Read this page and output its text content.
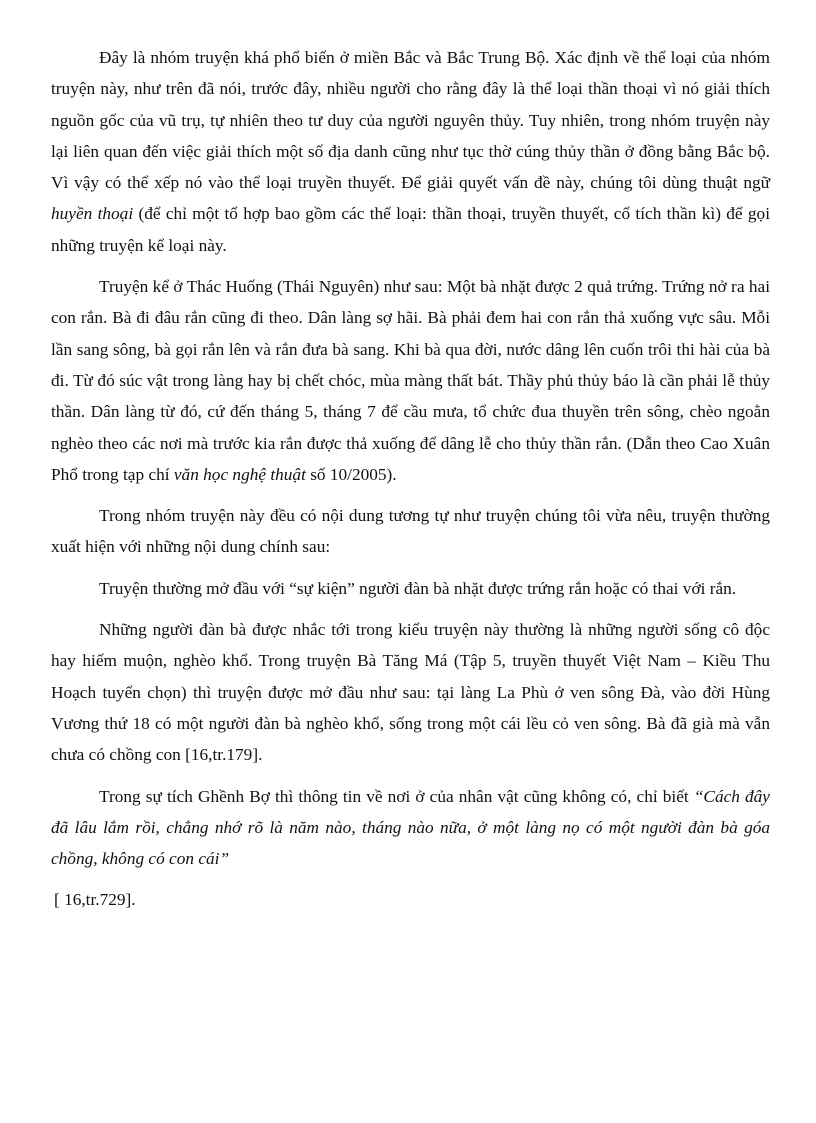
Đây là nhóm truyện khá phổ biến ở miền Bắc và Bắc Trung Bộ. Xác định về thể loại của nhóm truyện này, như trên đã nói, trước đây, nhiều người cho rằng đây là thể loại thần thoại vì nó giải thích nguồn gốc của vũ trụ, tự nhiên theo tư duy của người nguyên thủy. Tuy nhiên, trong nhóm truyện này lại liên quan đến việc giải thích một số địa danh cũng như tục thờ cúng thủy thần ở đồng bằng Bắc bộ. Vì vậy có thể xếp nó vào thể loại truyền thuyết. Để giải quyết vấn đề này, chúng tôi dùng thuật ngữ huyền thoại (để chỉ một tổ hợp bao gồm các thể loại: thần thoại, truyền thuyết, cổ tích thần kì) để gọi những truyện kể loại này.

Truyện kể ở Thác Huống (Thái Nguyên) như sau: Một bà nhặt được 2 quả trứng. Trứng nở ra hai con rắn. Bà đi đâu rắn cũng đi theo. Dân làng sợ hãi. Bà phải đem hai con rắn thả xuống vực sâu. Mỗi lần sang sông, bà gọi rắn lên và rắn đưa bà sang. Khi bà qua đời, nước dâng lên cuốn trôi thi hài của bà đi. Từ đó súc vật trong làng hay bị chết chóc, mùa màng thất bát. Thầy phủ thủy báo là cần phải lễ thủy thần. Dân làng từ đó, cứ đến tháng 5, tháng 7 để cầu mưa, tổ chức đua thuyền trên sông, chèo ngoằn nghèo theo các nơi mà trước kia rắn được thả xuống để dâng lễ cho thủy thần rắn. (Dẫn theo Cao Xuân Phổ trong tạp chí văn học nghệ thuật số 10/2005).

Trong nhóm truyện này đều có nội dung tương tự như truyện chúng tôi vừa nêu, truyện thường xuất hiện với những nội dung chính sau:

Truyện thường mở đầu với “sự kiện” người đàn bà nhặt được trứng rắn hoặc có thai với rắn.

Những người đàn bà được nhắc tới trong kiểu truyện này thường là những người sống cô độc hay hiếm muộn, nghèo khổ. Trong truyện Bà Tăng Má (Tập 5, truyền thuyết Việt Nam – Kiều Thu Hoạch tuyển chọn) thì truyện được mở đầu như sau: tại làng La Phù ở ven sông Đà, vào đời Hùng Vương thứ 18 có một người đàn bà nghèo khổ, sống trong một cái lều cỏ ven sông. Bà đã già mà vẫn chưa có chồng con [16,tr.179].

Trong sự tích Ghềnh Bợ thì thông tin về nơi ở của nhân vật cũng không có, chỉ biết “Cách đây đã lâu lắm rồi, chẳng nhớ rõ là năm nào, tháng nào nữa, ở một làng nọ có một người đàn bà góa chồng, không có con cái”

[ 16,tr.729].
